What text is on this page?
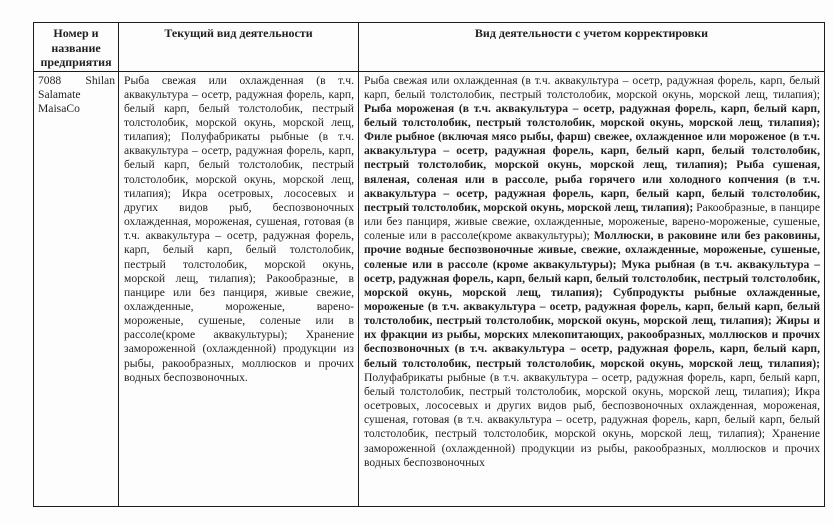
Номер и название предприятия	Текущий вид деятельности	Вид деятельности с учетом корректировки
7088 Shilan Salamate MaisaCo	Рыба свежая или охлажденная (в т.ч. аквакультура – осетр, радужная форель, карп, белый карп, белый толстолобик, пестрый толстолобик, морской окунь, морской лещ, тилапия); Полуфабрикаты рыбные (в т.ч. аквакультура – осетр, радужная форель, карп, белый карп, белый толстолобик, пестрый толстолобик, морской окунь, морской лещ, тилапия); Икра осетровых, лососевых и других видов рыб, беспозвоночных охлажденная, мороженая, сушеная, готовая (в т.ч. аквакультура – осетр, радужная форель, карп, белый карп, белый толстолобик, пестрый толстолобик, морской окунь, морской лещ, тилапия); Ракообразные, в панцире или без панциря, живые свежие, охлажденные, мороженые, варено-мороженые, сушеные, соленые или в рассоле(кроме аквакультуры); Хранение замороженной (охлажденной) продукции из рыбы, ракообразных, моллюсков и прочих водных беспозвоночных.	Рыба свежая или охлажденная (в т.ч. аквакультура – осетр, радужная форель, карп, белый карп, белый толстолобик, пестрый толстолобик, морской окунь, морской лещ, тилапия); Рыба мороженая (в т.ч. аквакультура – осетр, радужная форель, карп, белый карп, белый толстолобик, пестрый толстолобик, морской окунь, морской лещ, тилапия); Филе рыбное (включая мясо рыбы, фарш) свежее, охлажденное или мороженое (в т.ч. аквакультура – осетр, радужная форель, карп, белый карп, белый толстолобик, пестрый толстолобик, морской окунь, морской лещ, тилапия); Рыба сушеная, вяленая, соленая или в рассоле, рыба горячего или холодного копчения (в т.ч. аквакультура – осетр, радужная форель, карп, белый карп, белый толстолобик, пестрый толстолобик, морской окунь, морской лещ, тилапия); Ракообразные, в панцире или без панциря, живые свежие, охлажденные, мороженые, варено-мороженые, сушеные, соленые или в рассоле(кроме аквакультуры); Моллюски, в раковине или без раковины, прочие водные беспозвоночные живые, свежие, охлажденные, мороженые, сушеные, соленые или в рассоле (кроме аквакультуры); Мука рыбная (в т.ч. аквакультура – осетр, радужная форель, карп, белый карп, белый толстолобик, пестрый толстолобик, морской окунь, морской лещ, тилапия); Субпродукты рыбные охлажденные, мороженые (в т.ч. аквакультура – осетр, радужная форель, карп, белый карп, белый толстолобик, пестрый толстолобик, морской окунь, морской лещ, тилапия); Жиры и их фракции из рыбы, морских млекопитающих, ракообразных, моллюсков и прочих беспозвоночных (в т.ч. аквакультура – осетр, радужная форель, карп, белый карп, белый толстолобик, пестрый толстолобик, морской окунь, морской лещ, тилапия); Полуфабрикаты рыбные (в т.ч. аквакультура – осетр, радужная форель, карп, белый карп, белый толстолобик, пестрый толстолобик, морской окунь, морской лещ, тилапия); Икра осетровых, лососевых и других видов рыб, беспозвоночных охлажденная, мороженая, сушеная, готовая (в т.ч. аквакультура – осетр, радужная форель, карп, белый карп, белый толстолобик, пестрый толстолобик, морской окунь, морской лещ, тилапия); Хранение замороженной (охлажденной) продукции из рыбы, ракообразных, моллюсков и прочих водных беспозвоночных
